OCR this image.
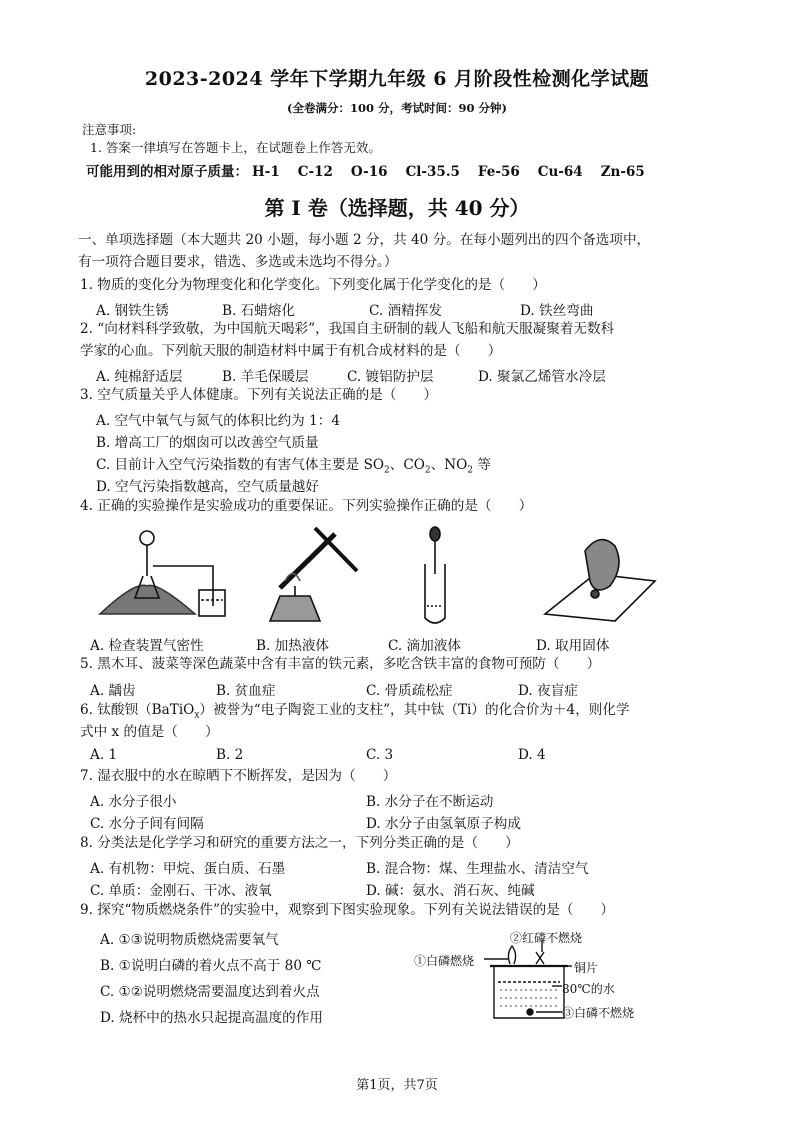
2023-2024 学年下学期九年级 6 月阶段性检测化学试题
(全卷满分：100 分，考试时间：90 分钟)
注意事项:
1. 答案一律填写在答题卡上，在试题卷上作答无效。
可能用到的相对原子质量： H-1 C-12 O-16 Cl-35.5 Fe-56 Cu-64 Zn-65
第 I 卷（选择题，共 40 分）
一、单项选择题（本大题共 20 小题，每小题 2 分，共 40 分。在每小题列出的四个备选项中，
有一项符合题目要求，错选、多选或未选均不得分。）
1. 物质的变化分为物理变化和化学变化。下列变化属于化学变化的是（　　）
A. 钢铁生锈	B. 石蜡熔化	C. 酒精挥发	D. 铁丝弯曲
2. “向材料科学致敬，为中国航天喝彩”，我国自主研制的载人飞船和航天服凝聚着无数科
学家的心血。下列航天服的制造材料中属于有机合成材料的是（　　）
A. 纯棉舒适层	B. 羊毛保暖层	C. 镀铝防护层	D. 聚氯乙烯管水冷层
3. 空气质量关乎人体健康。下列有关说法正确的是（　　）
A. 空气中氧气与氮气的体积比约为 1：4
B. 增高工厂的烟囱可以改善空气质量
C. 目前计入空气污染指数的有害气体主要是 $SO_2$、$CO_2$、$NO_2$ 等
D. 空气污染指数越高，空气质量越好
4. 正确的实验操作是实验成功的重要保证。下列实验操作正确的是（　　）
A. 检查装置气密性	B. 加热液体	C. 滴加液体	D. 取用固体
5. 黑木耳、菠菜等深色蔬菜中含有丰富的铁元素，多吃含铁丰富的食物可预防（　　）
A. 龋齿	B. 贫血症	C. 骨质疏松症	D. 夜盲症
6. 钛酸钡（BaTiO$_x$）被誉为“电子陶瓷工业的支柱”，其中钛（Ti）的化合价为＋4，则化学
式中 x 的值是（　　）
A. 1	B. 2	C. 3	D. 4
7. 湿衣服中的水在晾晒下不断挥发，是因为（　　）
A. 水分子很小	B. 水分子在不断运动
C. 水分子间有间隔	D. 水分子由氢氧原子构成
8. 分类法是化学学习和研究的重要方法之一，下列分类正确的是（　　）
A. 有机物：甲烷、蛋白质、石墨	B. 混合物：煤、生理盐水、清洁空气
C. 单质：金刚石、干冰、液氧	D. 碱：氨水、消石灰、纯碱
9. 探究“物质燃烧条件”的实验中，观察到下图实验现象。下列有关说法错误的是（　　）
A. ①③说明物质燃烧需要氧气
B. ①说明白磷的着火点不高于 80 ℃
C. ①②说明燃烧需要温度达到着火点
D. 烧杯中的热水只起提高温度的作用
②红磷不燃烧
①白磷燃烧	铜片
80℃的水
③白磷不燃烧
第1页，共7页
